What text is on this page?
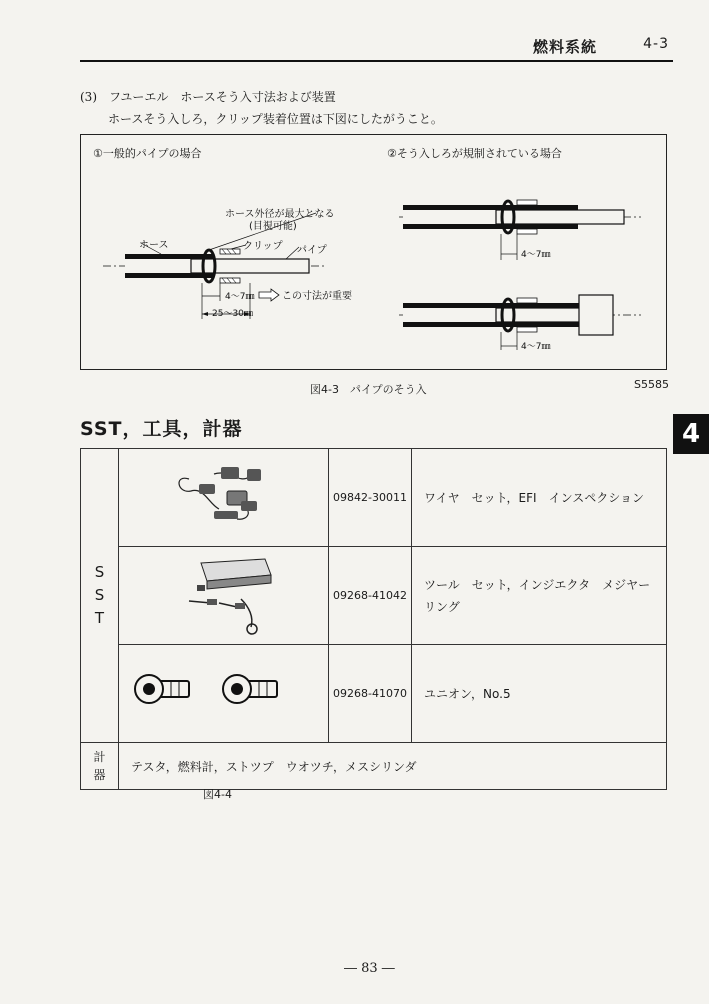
燃料系統	4-3
(3) フユーエル　ホースそう入寸法および装置
ホースそう入しろ，クリップ装着位置は下図にしたがうこと。
①一般的パイプの場合	②そう入しろが規制されている場合
ホース外径が最大となる
(目視可能)
ホース	クリップ パイプ
4～7㎜	この寸法が重要
25～30㎜
4～7㎜
4～7㎜
図4-3　パイプのそう入	S5585
SST，工具，計器	4
S
S
T		09842-30011	ワイヤ　セット，EFI　インスペクション
	09268-41042	ツール　セット，インジエクタ　メジヤーリング
	09268-41070	ユニオン，No.5

計
器	テスタ，燃料計，ストツプ　ウオツチ，メスシリンダ		
図4-4
― 83 ―
